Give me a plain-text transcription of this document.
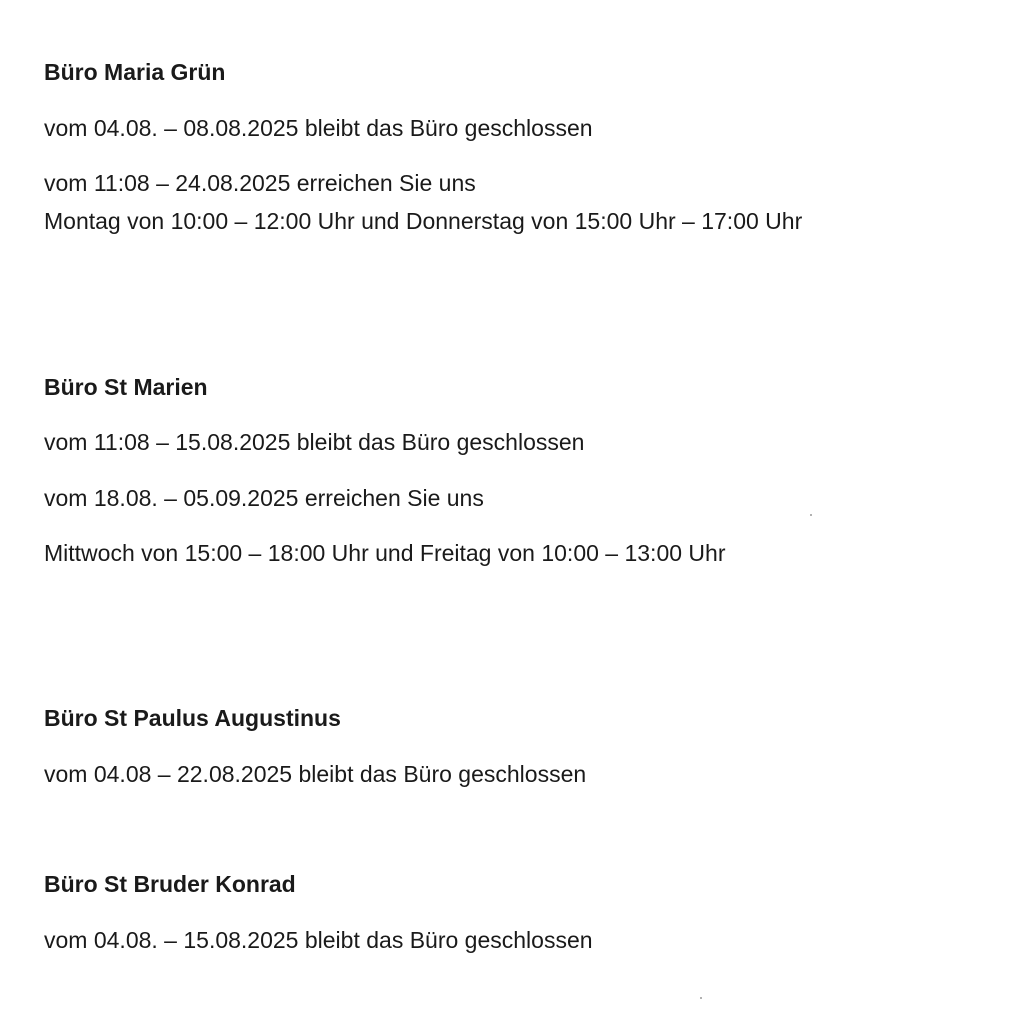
Büro Maria Grün
vom 04.08. – 08.08.2025 bleibt das Büro geschlossen
vom 11:08 – 24.08.2025 erreichen Sie uns
Montag von 10:00 – 12:00 Uhr und Donnerstag von 15:00 Uhr – 17:00 Uhr
Büro St Marien
vom 11:08 – 15.08.2025 bleibt das Büro geschlossen
vom 18.08. – 05.09.2025 erreichen Sie uns
Mittwoch von 15:00 – 18:00 Uhr und Freitag von 10:00 – 13:00 Uhr
Büro St Paulus Augustinus
vom 04.08 – 22.08.2025 bleibt das Büro geschlossen
Büro St Bruder Konrad
vom 04.08. – 15.08.2025 bleibt das Büro geschlossen
